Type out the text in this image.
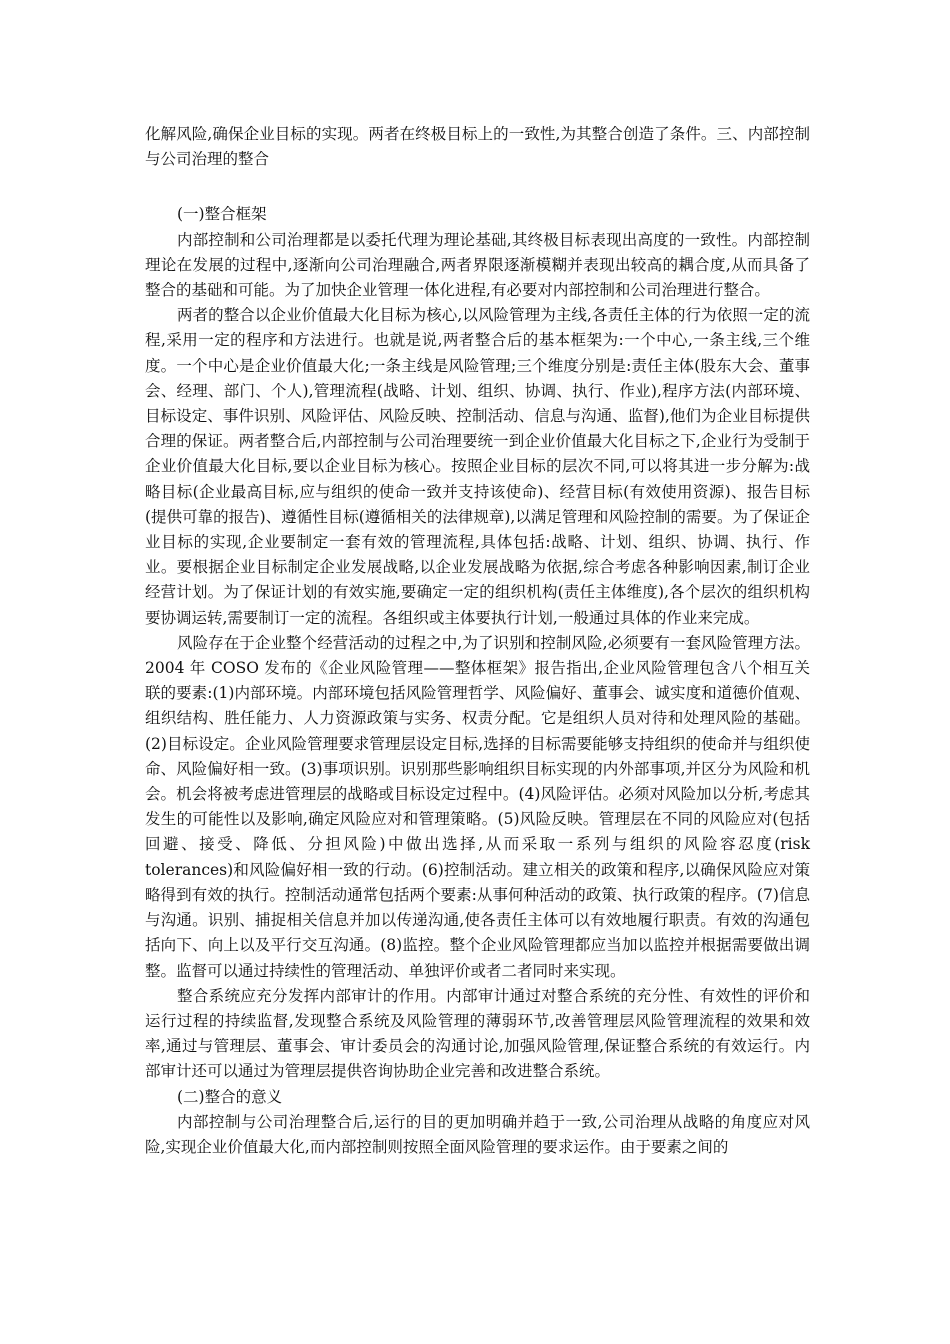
化解风险,确保企业目标的实现。两者在终极目标上的一致性,为其整合创造了条件。三、内部控制与公司治理的整合

(一)整合框架

内部控制和公司治理都是以委托代理为理论基础,其终极目标表现出高度的一致性。内部控制理论在发展的过程中,逐渐向公司治理融合,两者界限逐渐模糊并表现出较高的耦合度,从而具备了整合的基础和可能。为了加快企业管理一体化进程,有必要对内部控制和公司治理进行整合。

两者的整合以企业价值最大化目标为核心,以风险管理为主线,各责任主体的行为依照一定的流程,采用一定的程序和方法进行。也就是说,两者整合后的基本框架为:一个中心,一条主线,三个维度。一个中心是企业价值最大化;一条主线是风险管理;三个维度分别是:责任主体(股东大会、董事会、经理、部门、个人),管理流程(战略、计划、组织、协调、执行、作业),程序方法(内部环境、目标设定、事件识别、风险评估、风险反映、控制活动、信息与沟通、监督),他们为企业目标提供合理的保证。两者整合后,内部控制与公司治理要统一到企业价值最大化目标之下,企业行为受制于企业价值最大化目标,要以企业目标为核心。按照企业目标的层次不同,可以将其进一步分解为:战略目标(企业最高目标,应与组织的使命一致并支持该使命)、经营目标(有效使用资源)、报告目标(提供可靠的报告)、遵循性目标(遵循相关的法律规章),以满足管理和风险控制的需要。为了保证企业目标的实现,企业要制定一套有效的管理流程,具体包括:战略、计划、组织、协调、执行、作业。要根据企业目标制定企业发展战略,以企业发展战略为依据,综合考虑各种影响因素,制订企业经营计划。为了保证计划的有效实施,要确定一定的组织机构(责任主体维度),各个层次的组织机构要协调运转,需要制订一定的流程。各组织或主体要执行计划,一般通过具体的作业来完成。

风险存在于企业整个经营活动的过程之中,为了识别和控制风险,必须要有一套风险管理方法。2004 年 COSO 发布的《企业风险管理——整体框架》报告指出,企业风险管理包含八个相互关联的要素:(1)内部环境。内部环境包括风险管理哲学、风险偏好、董事会、诚实度和道德价值观、组织结构、胜任能力、人力资源政策与实务、权责分配。它是组织人员对待和处理风险的基础。(2)目标设定。企业风险管理要求管理层设定目标,选择的目标需要能够支持组织的使命并与组织使命、风险偏好相一致。(3)事项识别。识别那些影响组织目标实现的内外部事项,并区分为风险和机会。机会将被考虑进管理层的战略或目标设定过程中。(4)风险评估。必须对风险加以分析,考虑其发生的可能性以及影响,确定风险应对和管理策略。(5)风险反映。管理层在不同的风险应对(包括回避、接受、降低、分担风险)中做出选择,从而采取一系列与组织的风险容忍度(risk tolerances)和风险偏好相一致的行动。(6)控制活动。建立相关的政策和程序,以确保风险应对策略得到有效的执行。控制活动通常包括两个要素:从事何种活动的政策、执行政策的程序。(7)信息与沟通。识别、捕捉相关信息并加以传递沟通,使各责任主体可以有效地履行职责。有效的沟通包括向下、向上以及平行交互沟通。(8)监控。整个企业风险管理都应当加以监控并根据需要做出调整。监督可以通过持续性的管理活动、单独评价或者二者同时来实现。

整合系统应充分发挥内部审计的作用。内部审计通过对整合系统的充分性、有效性的评价和运行过程的持续监督,发现整合系统及风险管理的薄弱环节,改善管理层风险管理流程的效果和效率,通过与管理层、董事会、审计委员会的沟通讨论,加强风险管理,保证整合系统的有效运行。内部审计还可以通过为管理层提供咨询协助企业完善和改进整合系统。

(二)整合的意义

内部控制与公司治理整合后,运行的目的更加明确并趋于一致,公司治理从战略的角度应对风险,实现企业价值最大化,而内部控制则按照全面风险管理的要求运作。由于要素之间的
